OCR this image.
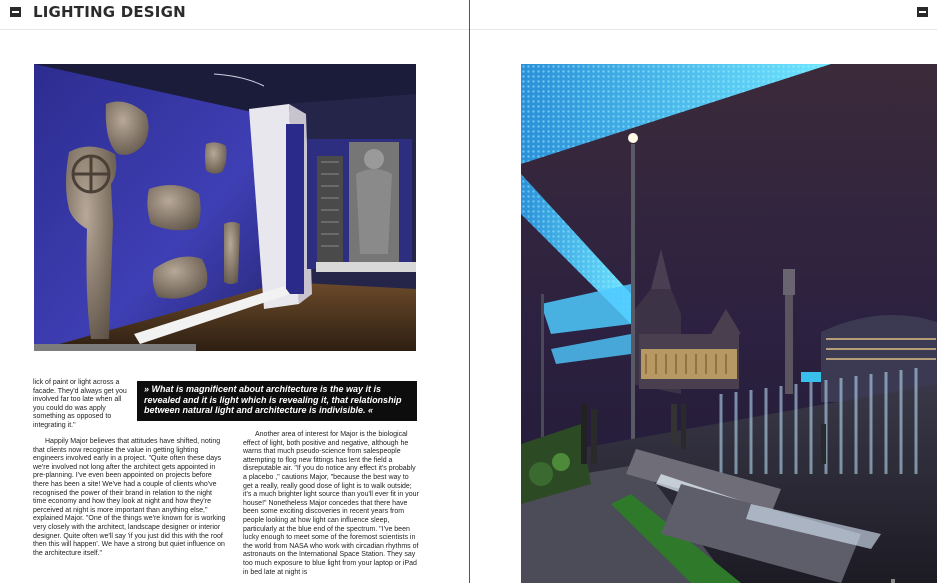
LIGHTING DESIGN

lick of paint or light across a facade. They'd always get you involved far too late when all you could do was apply something as opposed to integrating it."

» What is magnificent about architecture is the way it is revealed and it is light which is revealing it, that relationship between natural light and architecture is indivisible. «

Happily Major believes that attitudes have shifted, noting that clients now recognise the value in getting lighting engineers involved early in a project. "Quite often these days we're involved not long after the architect gets appointed in pre-planning. I've even been appointed on projects before there has been a site! We've had a couple of clients who've recognised the power of their brand in relation to the night time economy and how they look at night and how they're perceived at night is more important than anything else," explained Major. "One of the things we're known for is working very closely with the architect, landscape designer or interior designer. Quite often we'll say 'if you just did this with the roof then this will happen'. We have a strong but quiet influence on the architecture itself."

Another area of interest for Major is the biological effect of light, both positive and negative, although he warns that much pseudo-science from salespeople attempting to flog new fittings has lent the field a disreputable air. "If you do notice any effect it's probably a placebo ," cautions Major, "because the best way to get a really, really good dose of light is to walk outside; it's a much brighter light source than you'll ever fit in your house!" Nonetheless Major concedes that there have been some exciting discoveries in recent years from people looking at how light can influence sleep, particularly at the blue end of the spectrum. "I've been lucky enough to meet some of the foremost scientists in the world from NASA who work with circadian rhythms of astronauts on the International Space Station. They say too much exposure to blue light from your laptop or iPad in bed late at night is
